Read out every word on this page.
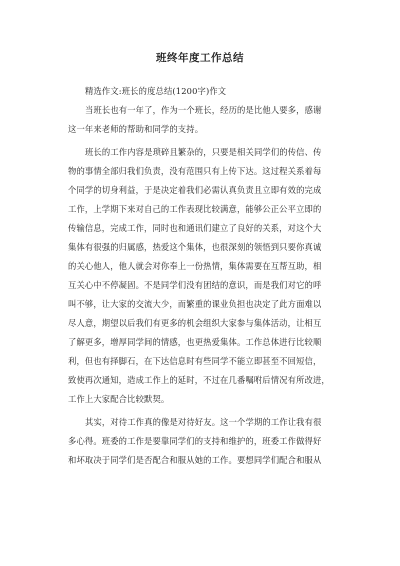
班终年度工作总结
精选作文:班长的度总结(1200字)作文
当班长也有一年了，作为一个班长，经历的是比他人要多，感谢
这一年来老师的帮助和同学的支持。
班长的工作内容是琐碎且繁杂的，只要是相关同学们的传信、传
物的事情全部归我们负责，没有范围只有上传下达。这过程关系着每
个同学的切身利益，于是决定着我们必需认真负责且立即有效的完成
工作，上学期下来对自己的工作表现比较满意，能够公正公平立即的
传输信息，完成工作，同时也和通讯们建立了良好的关系，对这个大
集体有很强的归属感，热爱这个集体，也很深刻的领悟到只要你真诚
的关心他人，他人就会对你奉上一份热情，集体需要在互帮互助，相
互关心中不停凝固。不是同学们没有团结的意识，而是我们对它的呼
叫不够，让大家的交流大少，而繁重的课业负担也决定了此方面难以
尽人意，期望以后我们有更多的机会组织大家参与集体活动，让相互
了解更多，增厚同学间的情感，也更热爱集体。工作总体进行比较顺
利，但也有择脚石，在下达信息时有些同学不能立即甚至不回短信，
致使再次通知，造成工作上的延时，不过在几番嘱咐后情况有所改进，
工作上大家配合比较默契。
其实，对待工作真的像是对待好友。这一个学期的工作让我有很
多心得。班委的工作是要靠同学们的支持和维护的，班委工作做得好
和坏取决于同学们是否配合和服从她的工作。要想同学们配合和服从
